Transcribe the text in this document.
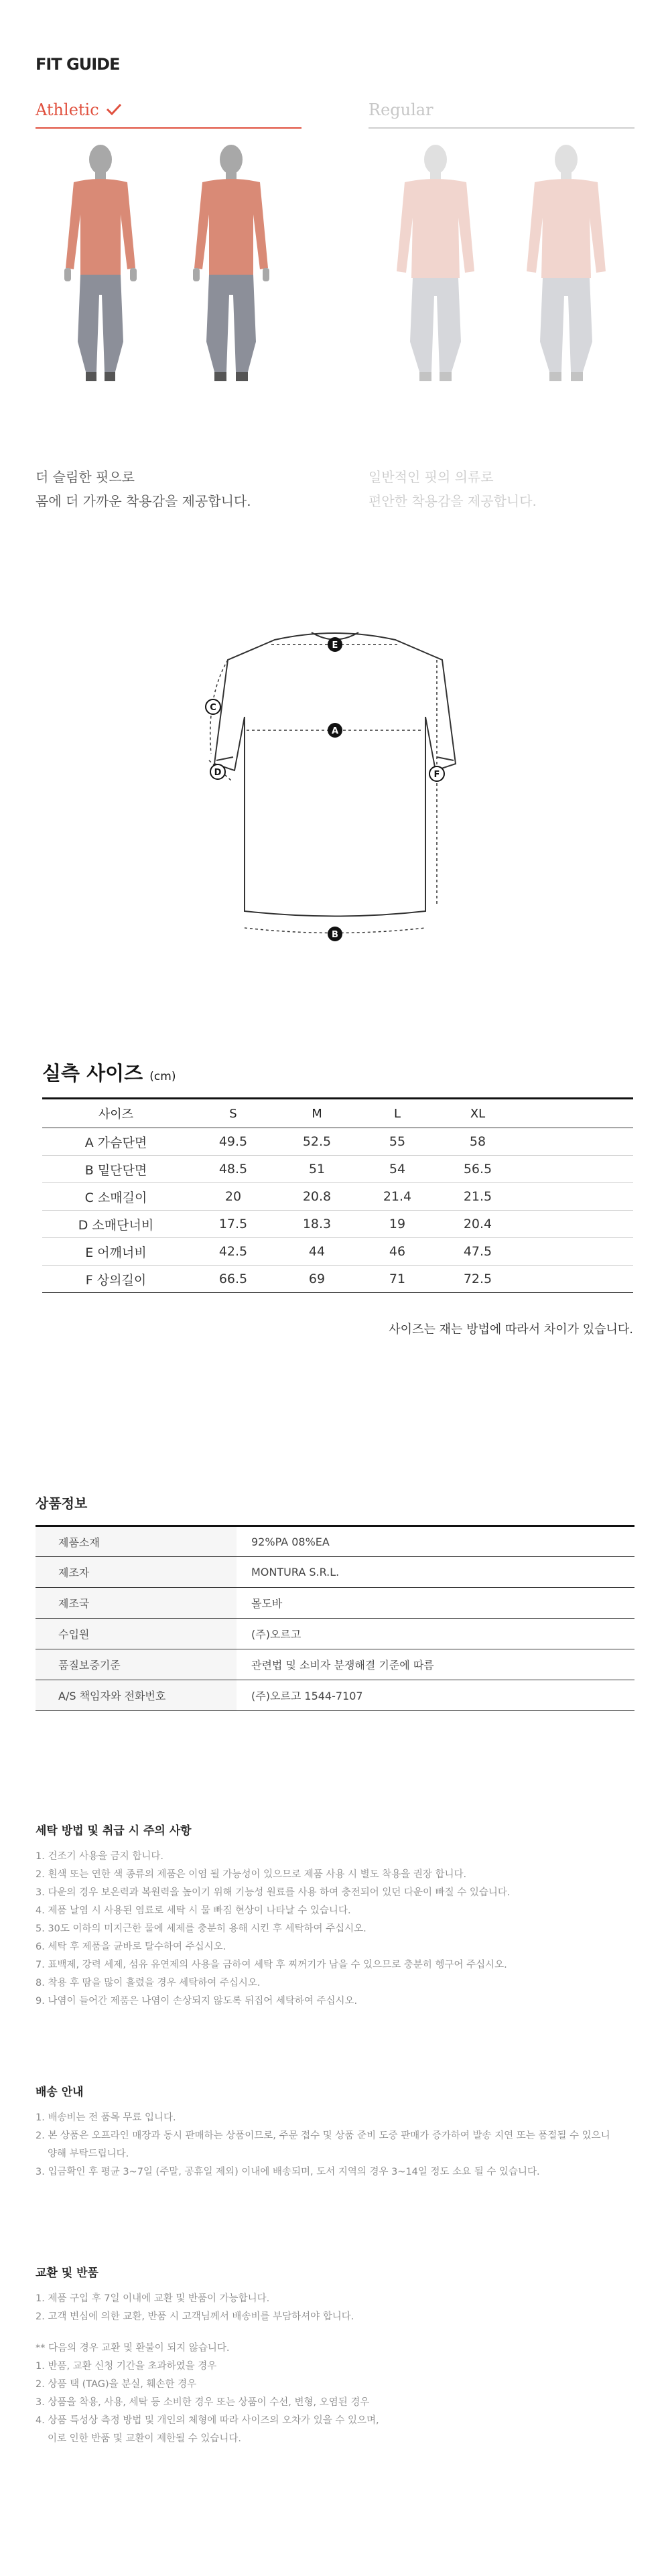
FIT GUIDE
Athletic	Regular
더 슬림한 핏으로
몸에 더 가까운 착용감을 제공합니다.
일반적인 핏의 의류로
편안한 착용감을 제공합니다.
E
A
B
C
D	F
실측 사이즈 (cm)
사이즈	S	M	L	XL	
A 가슴단면	49.5	52.5	55	58	
B 밑단단면	48.5	51	54	56.5	
C 소매길이	20	20.8	21.4	21.5	
D 소매단너비	17.5	18.3	19	20.4	
E 어깨너비	42.5	44	46	47.5	
F 상의길이	66.5	69	71	72.5	
사이즈는 재는 방법에 따라서 차이가 있습니다.
상품정보
제품소재	92%PA 08%EA
제조자	MONTURA S.R.L.
제조국	몰도바
수입원	(주)오르고
품질보증기준	관련법 및 소비자 분쟁해결 기준에 따름
A/S 책임자와 전화번호	(주)오르고 1544-7107
세탁 방법 및 취급 시 주의 사항
1. 건조기 사용을 금지 합니다.
2. 흰색 또는 연한 색 종류의 제품은 이염 될 가능성이 있으므로 제품 사용 시 별도 착용을 권장 합니다.
3. 다운의 경우 보온력과 복원력을 높이기 위해 기능성 원료를 사용 하여 충전되어 있던 다운이 빠질 수 있습니다.
4. 제품 날염 시 사용된 염료로 세탁 시 물 빠짐 현상이 나타날 수 있습니다.
5. 30도 이하의 미지근한 물에 세제를 충분히 용해 시킨 후 세탁하여 주십시오.
6. 세탁 후 제품을 균바로 탈수하여 주십시오.
7. 표백제, 강력 세제, 섬유 유연제의 사용을 금하여 세탁 후 찌꺼기가 남을 수 있으므로 충분히 헹구어 주십시오.
8. 착용 후 땀을 많이 흘렸을 경우 세탁하여 주십시오.
9. 나염이 들어간 제품은 나염이 손상되지 않도록 뒤집어 세탁하여 주십시오.
배송 안내
1. 배송비는 전 품목 무료 입니다.
2. 본 상품은 오프라인 매장과 동시 판매하는 상품이므로, 주문 접수 및 상품 준비 도중 판매가 증가하여 발송 지연 또는 품절될 수 있으니
양해 부탁드립니다.
3. 입금확인 후 평균 3~7일 (주말, 공휴일 제외) 이내에 배송되며, 도서 지역의 경우 3~14일 정도 소요 될 수 있습니다.
교환 및 반품
1. 제품 구입 후 7일 이내에 교환 및 반품이 가능합니다.
2. 고객 변심에 의한 교환, 반품 시 고객님께서 배송비를 부담하셔야 합니다.
** 다음의 경우 교환 및 환불이 되지 않습니다.
1. 반품, 교환 신청 기간을 초과하였을 경우
2. 상품 택 (TAG)을 분실, 훼손한 경우
3. 상품을 착용, 사용, 세탁 등 소비한 경우 또는 상품이 수선, 변형, 오염된 경우
4. 상품 특성상 측정 방법 및 개인의 체형에 따라 사이즈의 오차가 있을 수 있으며,
이로 인한 반품 및 교환이 제한될 수 있습니다.
